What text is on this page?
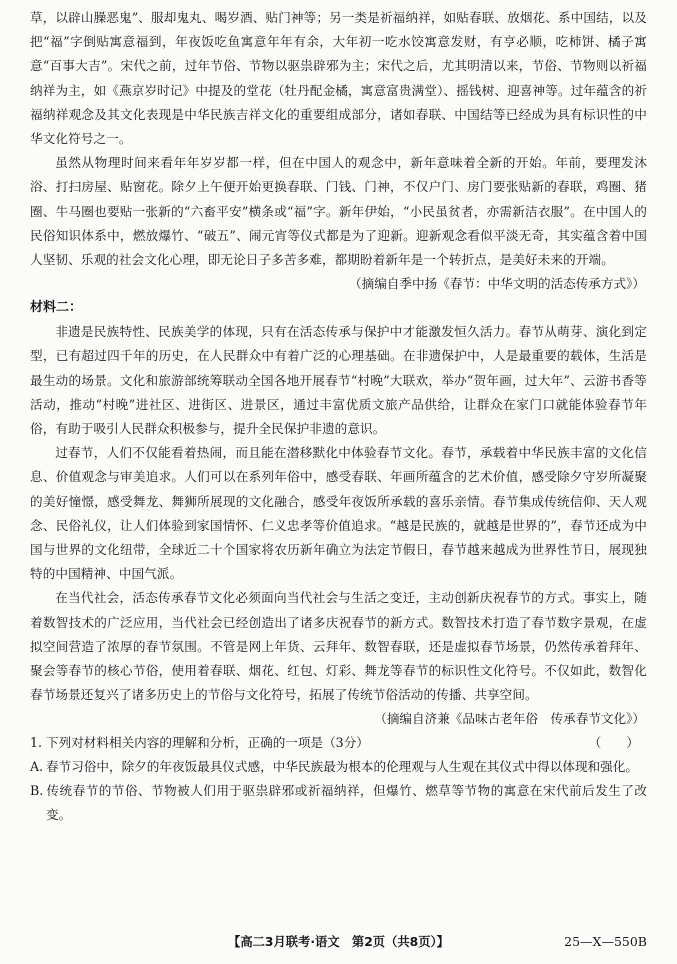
草，以辟山臊恶鬼”、服却鬼丸、喝岁酒、贴门神等；另一类是祈福纳祥，如贴春联、放烟花、系中国结，以及把“福”字倒贴寓意福到，年夜饭吃鱼寓意年年有余，大年初一吃水饺寓意发财，有亨必顺，吃柿饼、橘子寓意“百事大吉”。宋代之前，过年节俗、节物以驱祟辟邪为主；宋代之后，尤其明清以来，节俗、节物则以祈福纳祥为主，如《燕京岁时记》中提及的堂花（牡丹配金橘，寓意富贵满堂）、摇钱树、迎喜神等。过年蕴含的祈福纳祥观念及其文化表现是中华民族吉祥文化的重要组成部分，诸如春联、中国结等已经成为具有标识性的中华文化符号之一。

虽然从物理时间来看年年岁岁都一样，但在中国人的观念中，新年意味着全新的开始。年前，要理发沐浴、打扫房屋、贴窗花。除夕上午便开始更换春联、门钱、门神，不仅户门、房门要张贴新的春联，鸡圈、猪圈、牛马圈也要贴一张新的“六畜平安”横条或“福”字。新年伊始，“小民虽贫者，亦需新洁衣服”。在中国人的民俗知识体系中，燃放爆竹、“破五”、闹元宵等仪式都是为了迎新。迎新观念看似平淡无奇，其实蕴含着中国人坚韧、乐观的社会文化心理，即无论日子多苦多难，都期盼着新年是一个转折点，是美好未来的开端。

（摘编自季中扬《春节：中华文明的活态传承方式》）

材料二：

非遗是民族特性、民族美学的体现，只有在活态传承与保护中才能激发恒久活力。春节从萌芽、演化到定型，已有超过四千年的历史，在人民群众中有着广泛的心理基础。在非遗保护中，人是最重要的载体，生活是最生动的场景。文化和旅游部统筹联动全国各地开展春节“村晚”大联欢，举办“贺年画，过大年”、云游书香等活动，推动“村晚”进社区、进街区、进景区，通过丰富优质文旅产品供给，让群众在家门口就能体验春节年俗，有助于吸引人民群众积极参与，提升全民保护非遗的意识。

过春节，人们不仅能看着热闹，而且能在潜移默化中体验春节文化。春节，承载着中华民族丰富的文化信息、价值观念与审美追求。人们可以在系列年俗中，感受春联、年画所蕴含的艺术价值，感受除夕守岁所凝聚的美好憧憬，感受舞龙、舞狮所展现的文化融合，感受年夜饭所承载的喜乐亲情。春节集成传统信仰、天人观念、民俗礼仪，让人们体验到家国情怀、仁义忠孝等价值追求。“越是民族的，就越是世界的”，春节还成为中国与世界的文化纽带，全球近二十个国家将农历新年确立为法定节假日，春节越来越成为世界性节日，展现独特的中国精神、中国气派。

在当代社会，活态传承春节文化必须面向当代社会与生活之变迁，主动创新庆祝春节的方式。事实上，随着数智技术的广泛应用，当代社会已经创造出了诸多庆祝春节的新方式。数智技术打造了春节数字景观，在虚拟空间营造了浓厚的春节氛围。不管是网上年货、云拜年、数智春联，还是虚拟春节场景，仍然传承着拜年、聚会等春节的核心节俗，使用着春联、烟花、红包、灯彩、舞龙等春节的标识性文化符号。不仅如此，数智化春节场景还复兴了诸多历史上的节俗与文化符号，拓展了传统节俗活动的传播、共享空间。

（摘编自济兼《品味古老年俗　传承春节文化》）

1. 下列对材料相关内容的理解和分析，正确的一项是（3分）	（　　）

A. 春节习俗中，除夕的年夜饭最具仪式感，中华民族最为根本的伦理观与人生观在其仪式中得以体现和强化。

B. 传统春节的节俗、节物被人们用于驱祟辟邪或祈福纳祥，但爆竹、燃草等节物的寓意在宋代前后发生了改变。

【高二3月联考·语文　第2页（共8页）】	25—X—550B
